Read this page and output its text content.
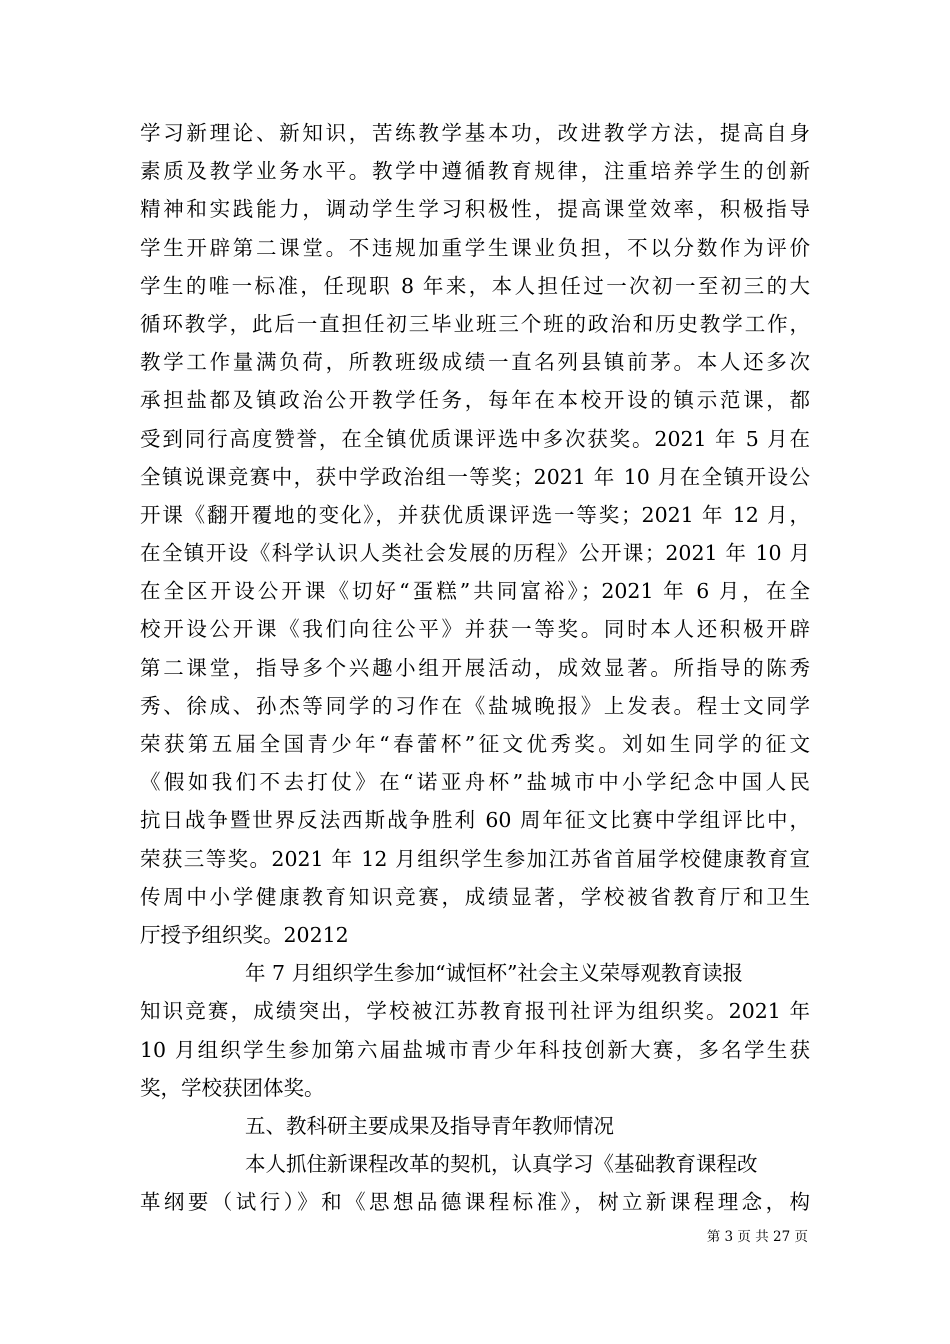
学习新理论、新知识，苦练教学基本功，改进教学方法，提高自身
素质及教学业务水平。教学中遵循教育规律，注重培养学生的创新
精神和实践能力，调动学生学习积极性，提高课堂效率，积极指导
学生开辟第二课堂。不违规加重学生课业负担，不以分数作为评价
学生的唯一标准，任现职 8 年来，本人担任过一次初一至初三的大
循环教学，此后一直担任初三毕业班三个班的政治和历史教学工作，
教学工作量满负荷，所教班级成绩一直名列县镇前茅。本人还多次
承担盐都及镇政治公开教学任务，每年在本校开设的镇示范课，都
受到同行高度赞誉，在全镇优质课评选中多次获奖。2021 年 5 月在
全镇说课竞赛中，获中学政治组一等奖；2021 年 10 月在全镇开设公
开课《翻开覆地的变化》，并获优质课评选一等奖；2021 年 12 月，
在全镇开设《科学认识人类社会发展的历程》公开课；2021 年 10 月
在全区开设公开课《切好“蛋糕”共同富裕》；2021 年 6 月，在全
校开设公开课《我们向往公平》并获一等奖。同时本人还积极开辟
第二课堂，指导多个兴趣小组开展活动，成效显著。所指导的陈秀
秀、徐成、孙杰等同学的习作在《盐城晚报》上发表。程士文同学
荣获第五届全国青少年“春蕾杯”征文优秀奖。刘如生同学的征文
《假如我们不去打仗》在“诺亚舟杯”盐城市中小学纪念中国人民
抗日战争暨世界反法西斯战争胜利 60 周年征文比赛中学组评比中，
荣获三等奖。2021 年 12 月组织学生参加江苏省首届学校健康教育宣
传周中小学健康教育知识竞赛，成绩显著，学校被省教育厅和卫生
厅授予组织奖。20212
年 7 月组织学生参加“诚恒杯”社会主义荣辱观教育读报
知识竞赛，成绩突出，学校被江苏教育报刊社评为组织奖。2021 年
10 月组织学生参加第六届盐城市青少年科技创新大赛，多名学生获
奖，学校获团体奖。
五、教科研主要成果及指导青年教师情况
本人抓住新课程改革的契机，认真学习《基础教育课程改
革纲要（试行）》和《思想品德课程标准》，树立新课程理念，构
第 3 页 共 27 页
